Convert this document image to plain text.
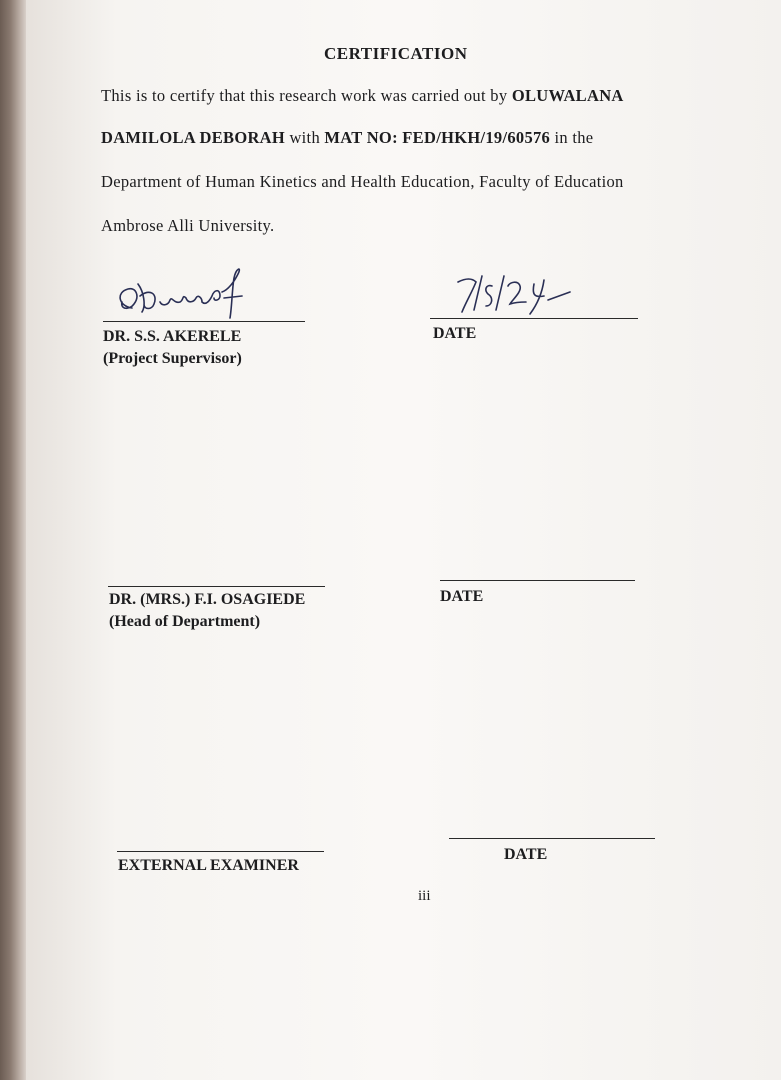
CERTIFICATION
This is to certify that this research work was carried out by OLUWALANA
DAMILOLA DEBORAH with MAT NO: FED/HKH/19/60576 in the
Department of Human Kinetics and Health Education, Faculty of Education
Ambrose Alli University.
DR. S.S. AKERELE
(Project Supervisor)
DATE
DR. (MRS.) F.I. OSAGIEDE
(Head of Department)
DATE
EXTERNAL EXAMINER
DATE
iii
